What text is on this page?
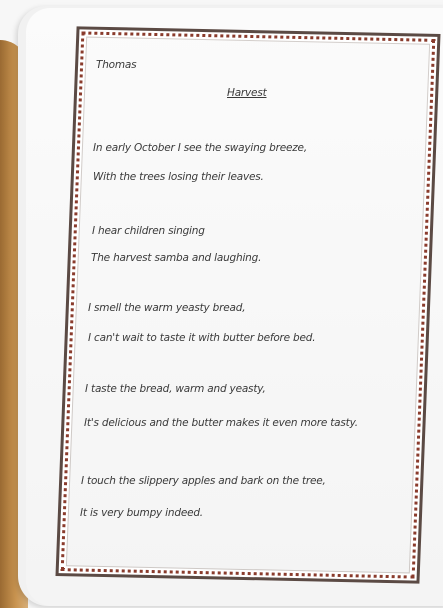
Thomas
Harvest
In early October I see the swaying breeze,
With the trees losing their leaves.
I hear children singing
The harvest samba and laughing.
I smell the warm yeasty bread,
I can't wait to taste it with butter before bed.
I taste the bread, warm and yeasty,
It's delicious and the butter makes it even more tasty.
I touch the slippery apples and bark on the tree,
It is very bumpy indeed.
